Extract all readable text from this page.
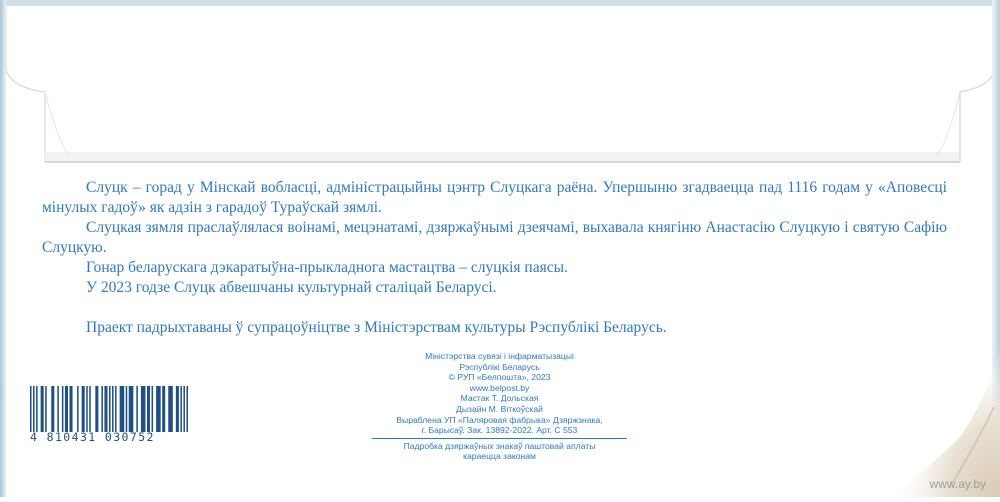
Слуцк – горад у Мінскай вобласці, адміністрацыйны цэнтр Слуцкага раёна. Упершыню згадваецца пад 1116 годам у «Аповесці мінулых гадоў» як адзін з гарадоў Тураўскай зямлі.

Слуцкая зямля праслаўлялася воінамі, мецэнатамі, дзяржаўнымі дзеячамі, выхавала княгіню Анастасію Слуцкую і святую Сафію Слуцкую.

Гонар беларускага дэкаратыўна-прыкладнога мастацтва – слуцкія паясы.

У 2023 годзе Слуцк абвешчаны культурнай сталіцай Беларусі.

Праект падрыхтаваны ў супрацоўніцтве з Міністэрствам культуры Рэспублікі Беларусь.

4 810431 030752
Міністэрства сувязі і інфарматызацыі
Рэспублікі Беларусь
© РУП «Белпошта», 2023
www.belpost.by
Мастак Т. Дольская
Дызайн М. Віткоўскай
Выраблена УП «Паляровая фабрыка» Дзяржзнака,
г. Барысаў. Зак. 13892-2022. Арт. С 553
Падробка дзяржаўных знакаў паштовай аплаты
караецца законам
www.ay.by
